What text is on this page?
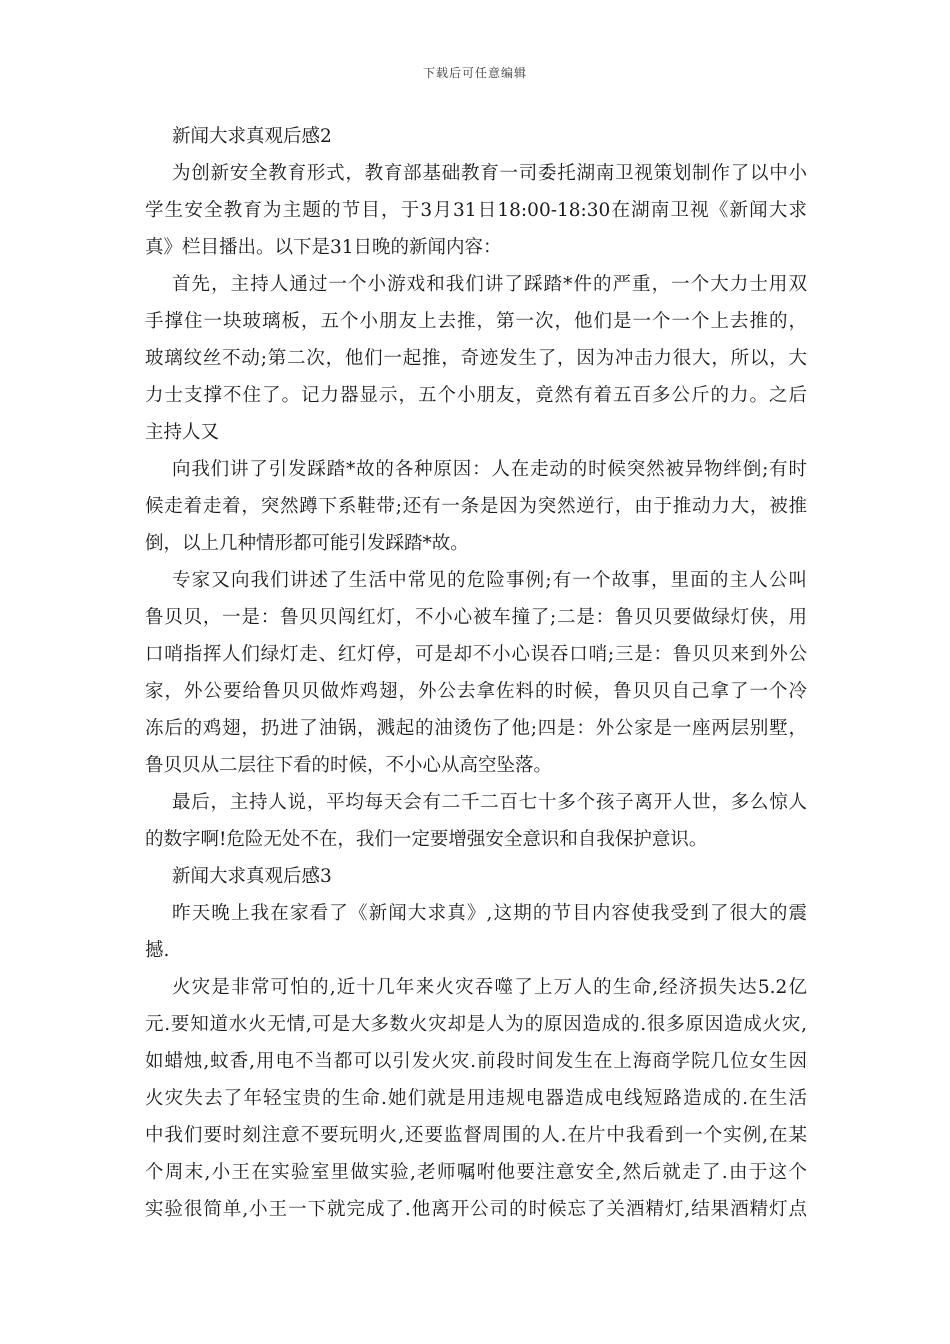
下载后可任意编辑
新闻大求真观后感2
为创新安全教育形式，教育部基础教育一司委托湖南卫视策划制作了以中小
学生安全教育为主题的节目，于3月31日18:00-18:30在湖南卫视《新闻大求
真》栏目播出。以下是31日晚的新闻内容：
首先，主持人通过一个小游戏和我们讲了踩踏*件的严重，一个大力士用双
手撑住一块玻璃板，五个小朋友上去推，第一次，他们是一个一个上去推的，
玻璃纹丝不动;第二次，他们一起推，奇迹发生了，因为冲击力很大，所以，大
力士支撑不住了。记力器显示，五个小朋友，竟然有着五百多公斤的力。之后
主持人又
向我们讲了引发踩踏*故的各种原因：人在走动的时候突然被异物绊倒;有时
候走着走着，突然蹲下系鞋带;还有一条是因为突然逆行，由于推动力大，被推
倒，以上几种情形都可能引发踩踏*故。
专家又向我们讲述了生活中常见的危险事例;有一个故事，里面的主人公叫
鲁贝贝，一是：鲁贝贝闯红灯，不小心被车撞了;二是：鲁贝贝要做绿灯侠，用
口哨指挥人们绿灯走、红灯停，可是却不小心误吞口哨;三是：鲁贝贝来到外公
家，外公要给鲁贝贝做炸鸡翅，外公去拿佐料的时候，鲁贝贝自己拿了一个冷
冻后的鸡翅，扔进了油锅，溅起的油烫伤了他;四是：外公家是一座两层别墅，
鲁贝贝从二层往下看的时候，不小心从高空坠落。
最后，主持人说，平均每天会有二千二百七十多个孩子离开人世，多么惊人
的数字啊!危险无处不在，我们一定要增强安全意识和自我保护意识。
新闻大求真观后感3
昨天晚上我在家看了《新闻大求真》,这期的节目内容使我受到了很大的震
撼.
火灾是非常可怕的,近十几年来火灾吞噬了上万人的生命,经济损失达5.2亿
元.要知道水火无情,可是大多数火灾却是人为的原因造成的.很多原因造成火灾,
如蜡烛,蚊香,用电不当都可以引发火灾.前段时间发生在上海商学院几位女生因
火灾失去了年轻宝贵的生命.她们就是用违规电器造成电线短路造成的.在生活
中我们要时刻注意不要玩明火,还要监督周围的人.在片中我看到一个实例,在某
个周末,小王在实验室里做实验,老师嘱咐他要注意安全,然后就走了.由于这个
实验很简单,小王一下就完成了.他离开公司的时候忘了关酒精灯,结果酒精灯点
